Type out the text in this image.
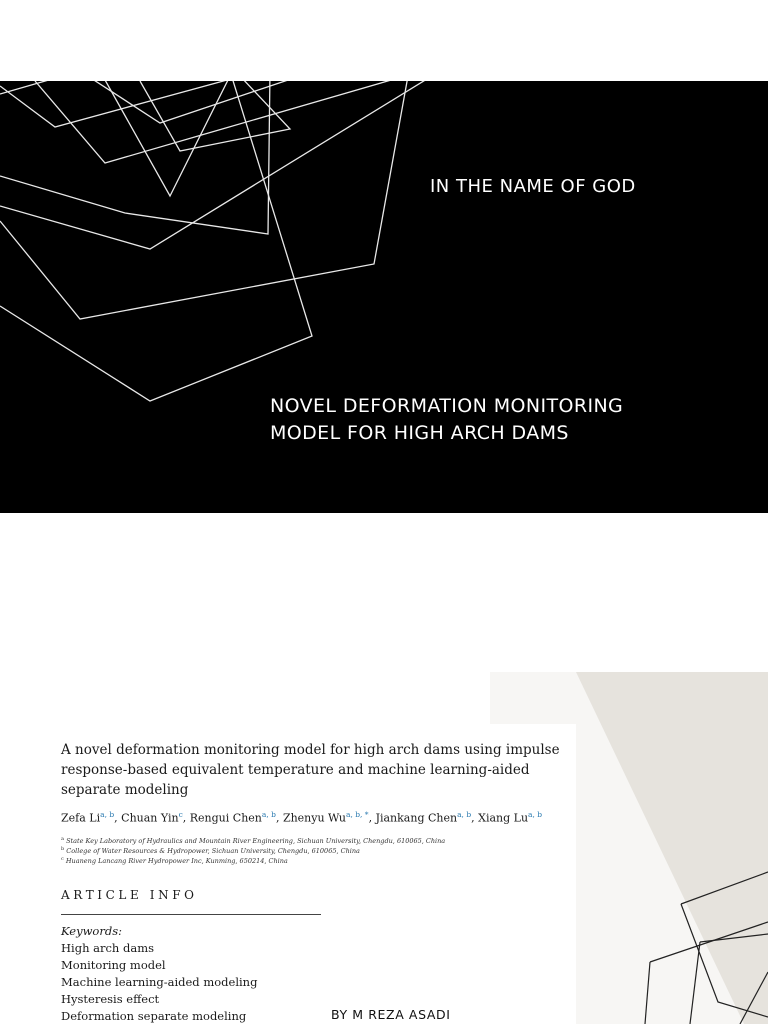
IN THE NAME OF GOD
NOVEL DEFORMATION MONITORING
MODEL FOR HIGH ARCH DAMS
A novel deformation monitoring model for high arch dams using impulse
response-based equivalent temperature and machine learning-aided
separate modeling
Zefa Li$^{a, b}$, Chuan Yin$^c$, Rengui Chen$^{a, b}$, Zhenyu $Wu^{a, b, *}$, Jiankang Chen$^{a, b}$, Xiang Lu$^{a, b}$
$^a$ State Key Laboratory of Hydraulics and Mountain River Engineering, Sichuan University, Chengdu, 610065, China
$^b$ College of Water Resources & Hydropower, Sichuan University, Chengdu, 610065, China
$^c$ Huaneng Lancang River Hydropower Inc, Kunming, 650214, China
ARTICLE INFO
Keywords:
High arch dams
Monitoring model
Machine learning-aided modeling
Hysteresis effect
Deformation separate modeling	BY M REZA ASADI
